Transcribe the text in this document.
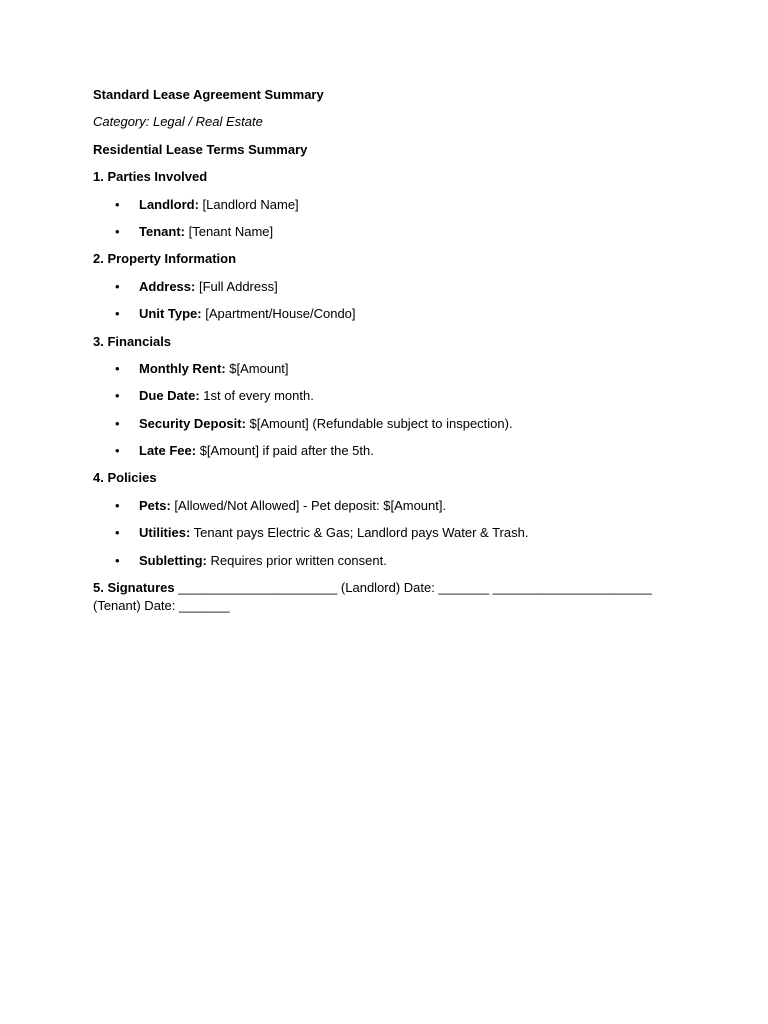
Standard Lease Agreement Summary

Category: Legal / Real Estate

Residential Lease Terms Summary

1. Parties Involved

• Landlord: [Landlord Name]
• Tenant: [Tenant Name]

2. Property Information

• Address: [Full Address]
• Unit Type: [Apartment/House/Condo]

3. Financials

• Monthly Rent: $[Amount]
• Due Date: 1st of every month.
• Security Deposit: $[Amount] (Refundable subject to inspection).
• Late Fee: $[Amount] if paid after the 5th.

4. Policies

• Pets: [Allowed/Not Allowed] - Pet deposit: $[Amount].
• Utilities: Tenant pays Electric & Gas; Landlord pays Water & Trash.
• Subletting: Requires prior written consent.

5. Signatures ______________________ (Landlord) Date: _______ ______________________ (Tenant) Date: _______
